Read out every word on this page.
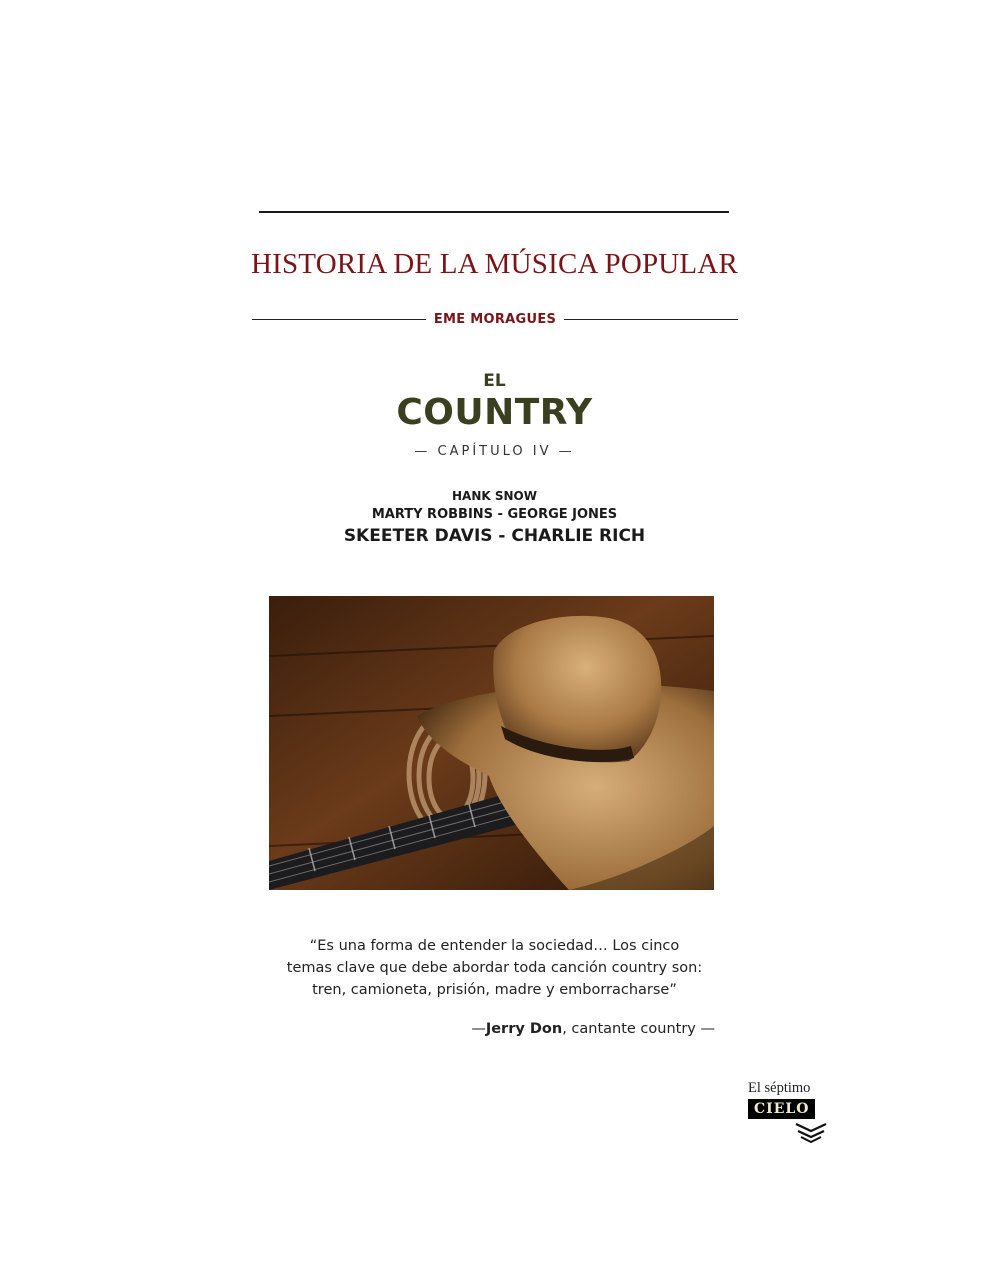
HISTORIA DE LA MÚSICA POPULAR
EME MORAGUES
EL
COUNTRY
— CAPÍTULO IV —
HANK SNOW
MARTY ROBBINS - GEORGE JONES
SKEETER DAVIS - CHARLIE RICH
“Es una forma de entender la sociedad… Los cinco
temas clave que debe abordar toda canción country son:
tren, camioneta, prisión, madre y emborracharse”
—Jerry Don, cantante country —
El séptimo
CIELO
